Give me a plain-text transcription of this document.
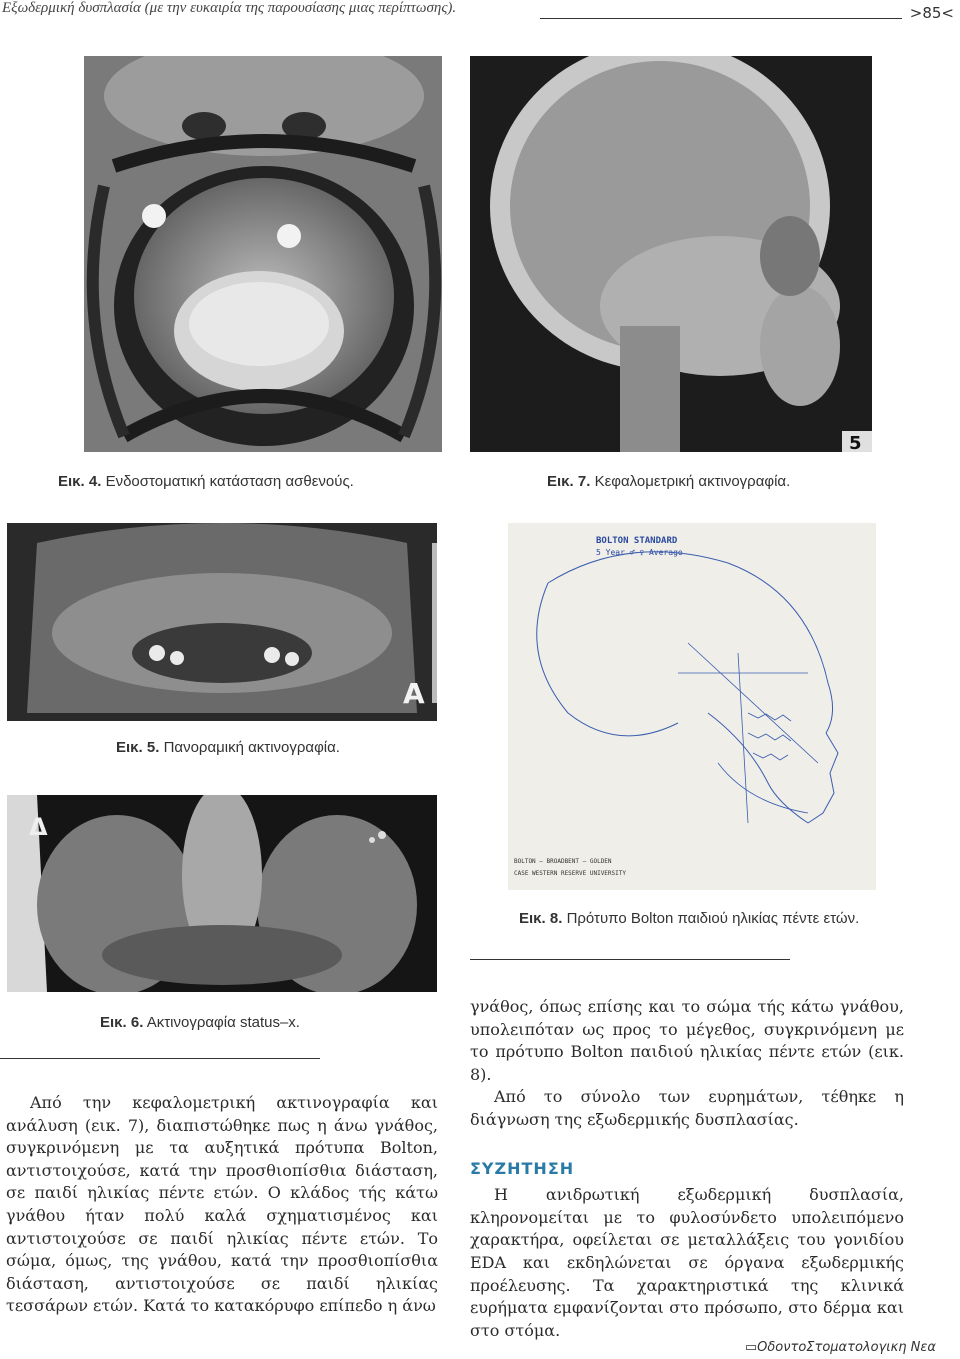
Εξωδερμική δυσπλασία (με την ευκαιρία της παρουσίασης μιας περίπτωσης).	>85<
5
Εικ. 4. Ενδοστοματική κατάσταση ασθενούς.	Εικ. 7. Κεφαλομετρική ακτινογραφία.
A
BOLTON STANDARD
5 Year ♂-♀ Average
BOLTON – BROADBENT – GOLDEN
CASE WESTERN RESERVE UNIVERSITY
Εικ. 5. Πανοραμική ακτινογραφία.
Δ
Εικ. 8. Πρότυπο Bolton παιδιού ηλικίας πέντε ετών.
Εικ. 6. Ακτινογραφία status–x.

Από την κεφαλομετρική ακτινογραφία και ανάλυση (εικ. 7), διαπιστώθηκε πως η άνω γνάθος, συγκρινόμενη με τα αυξητικά πρότυπα Bolton, αντιστοιχούσε, κατά την προσθιοπίσθια διάσταση, σε παιδί ηλικίας πέντε ετών. Ο κλάδος τής κάτω γνάθου ήταν πολύ καλά σχηματισμένος και αντιστοιχούσε σε παιδί ηλικίας πέντε ετών. Το σώμα, όμως, της γνάθου, κατά την προσθιοπίσθια διάσταση, αντιστοιχούσε σε παιδί ηλικίας τεσσάρων ετών. Κατά το κατακόρυφο επίπεδο η άνω

γνάθος, όπως επίσης και το σώμα τής κάτω γνάθου, υπολειπόταν ως προς το μέγεθος, συγκρινόμενη με το πρότυπο Bolton παιδιού ηλικίας πέντε ετών (εικ. 8).

Από το σύνολο των ευρημάτων, τέθηκε η διάγνωση της εξωδερμικής δυσπλασίας.

ΣΥΖΗΤΗΣΗ

Η ανιδρωτική εξωδερμική δυσπλασία, κληρονομείται με το φυλοσύνδετο υπολειπόμενο χαρακτήρα, οφείλεται σε μεταλλάξεις του γονιδίου EDA και εκδηλώνεται σε όργανα εξωδερμικής προέλευσης. Τα χαρακτηριστικά της κλινικά ευρήματα εμφανίζονται στο πρόσωπο, στο δέρμα και στο στόμα.

▭ΟδοντοΣτοματολογικη Νεα
